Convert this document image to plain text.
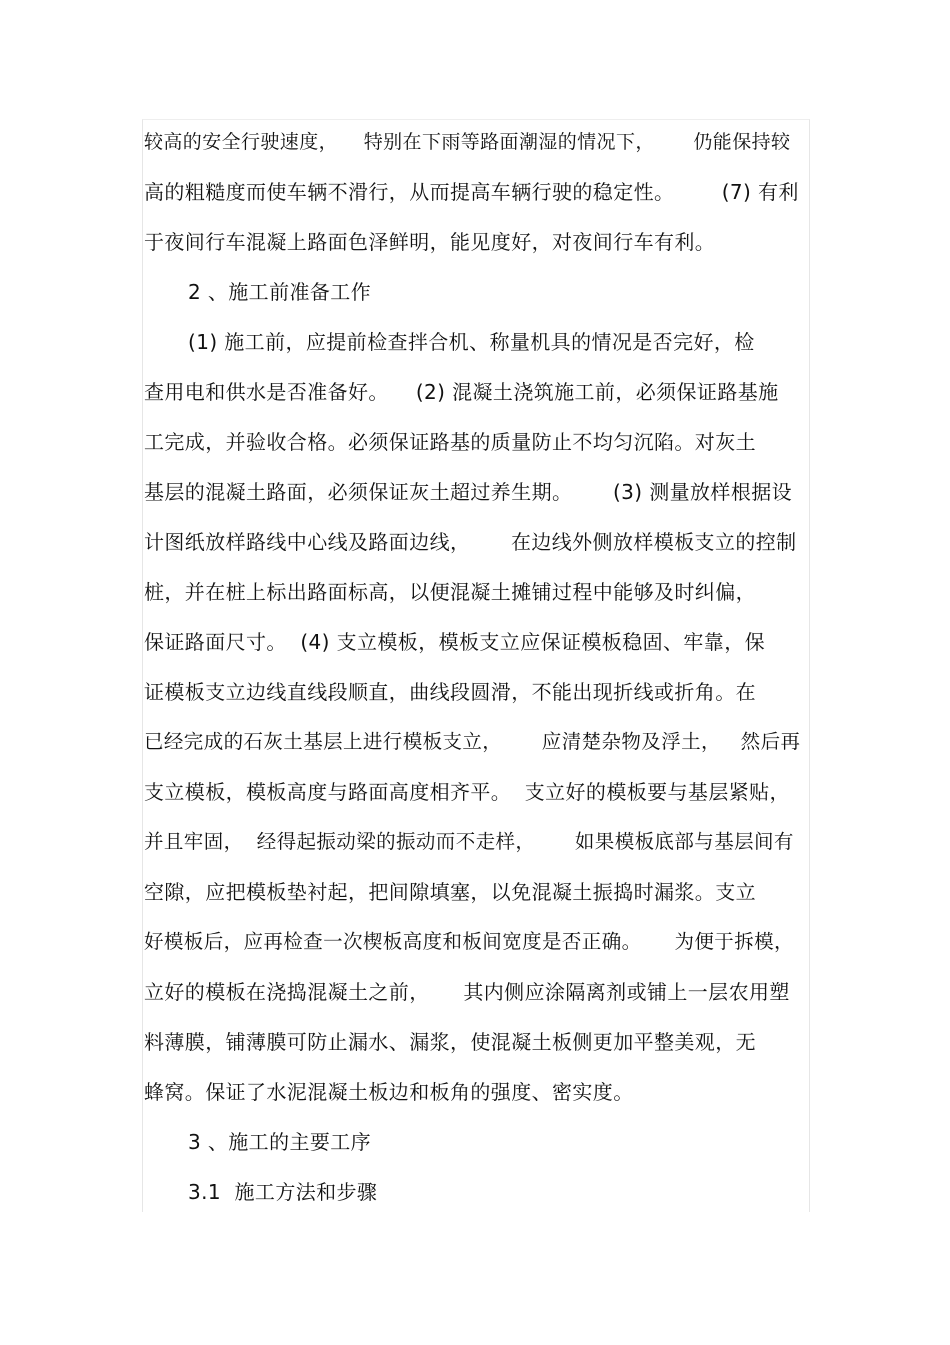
较高的安全行驶速度，    特别在下雨等路面潮湿的情况下，      仍能保持较
高的粗糙度而使车辆不滑行，从而提高车辆行驶的稳定性。       (7) 有利
于夜间行车混凝上路面色泽鲜明，能见度好，对夜间行车有利。
2 、施工前准备工作
(1) 施工前，应提前检查拌合机、称量机具的情况是否完好，检
查用电和供水是否准备好。    (2) 混凝土浇筑施工前，必须保证路基施
工完成，并验收合格。必须保证路基的质量防止不均匀沉陷。对灰土
基层的混凝土路面，必须保证灰土超过养生期。      (3) 测量放样根据设
计图纸放样路线中心线及路面边线，      在边线外侧放样模板支立的控制
桩，并在桩上标出路面标高，以便混凝土摊铺过程中能够及时纠偏，
保证路面尺寸。  (4) 支立模板，模板支立应保证模板稳固、牢靠，保
证模板支立边线直线段顺直，曲线段圆滑，不能出现折线或折角。在
已经完成的石灰土基层上进行模板支立，      应清楚杂物及浮土，   然后再
支立模板，模板高度与路面高度相齐平。  支立好的模板要与基层紧贴，
并且牢固，  经得起振动梁的振动而不走样，      如果模板底部与基层间有
空隙，应把模板垫衬起，把间隙填塞，以免混凝土振捣时漏浆。支立
好模板后，应再检查一次楔板高度和板间宽度是否正确。     为便于拆模，
立好的模板在浇捣混凝土之前，     其内侧应涂隔离剂或铺上一层农用塑
料薄膜，铺薄膜可防止漏水、漏浆，使混凝土板侧更加平整美观，无
蜂窝。保证了水泥混凝土板边和板角的强度、密实度。
3 、施工的主要工序
3.1  施工方法和步骤
